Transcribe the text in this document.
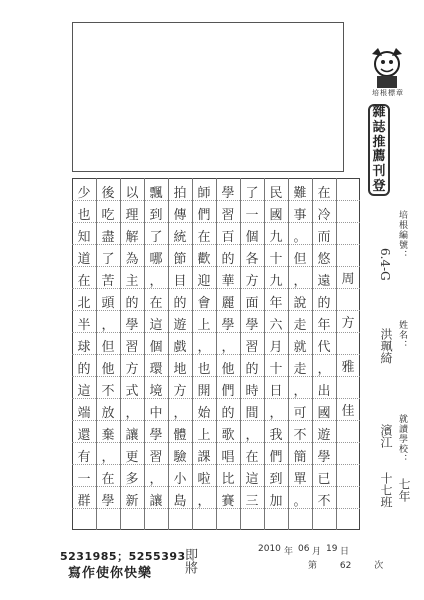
培根標章
雜
誌
推
薦
刊
登
周
方
雅
佳
在
冷
而
悠
遠
的
年
代
，
出
國
遊
學
已
不
難
事
。
但
，
說
走
就
走
，
可
不
簡
單
。
民
國
九
十
九
年
六
月
十
日
，
我
們
到
加
了
一
個
各
方
面
學
習
的
時
間
，
在
這
三
學
習
百
的
華
麗
學
，
他
們
的
歌
唱
比
賽
師
們
在
歡
迎
會
上
，
也
開
始
上
課
啦
，
拍
傳
統
節
目
的
遊
戲
地
方
，
體
驗
小
島
飄
到
了
哪
，
在
這
個
環
境
中
學
習
，
讓
以
理
解
為
主
的
學
習
方
式
，
讓
更
多
新
後
吃
盡
了
苦
頭
，
但
他
不
放
棄
，
在
學
少
也
知
道
在
北
半
球
的
這
端
還
有
一
群
培根編號：
6.4-G
姓名：
洪珮綺
就讀學校：
濱江
七年
十七班
5231985；5255393
寫作使你快樂 即將	2010 年 06 月 19 日
第	62	次
